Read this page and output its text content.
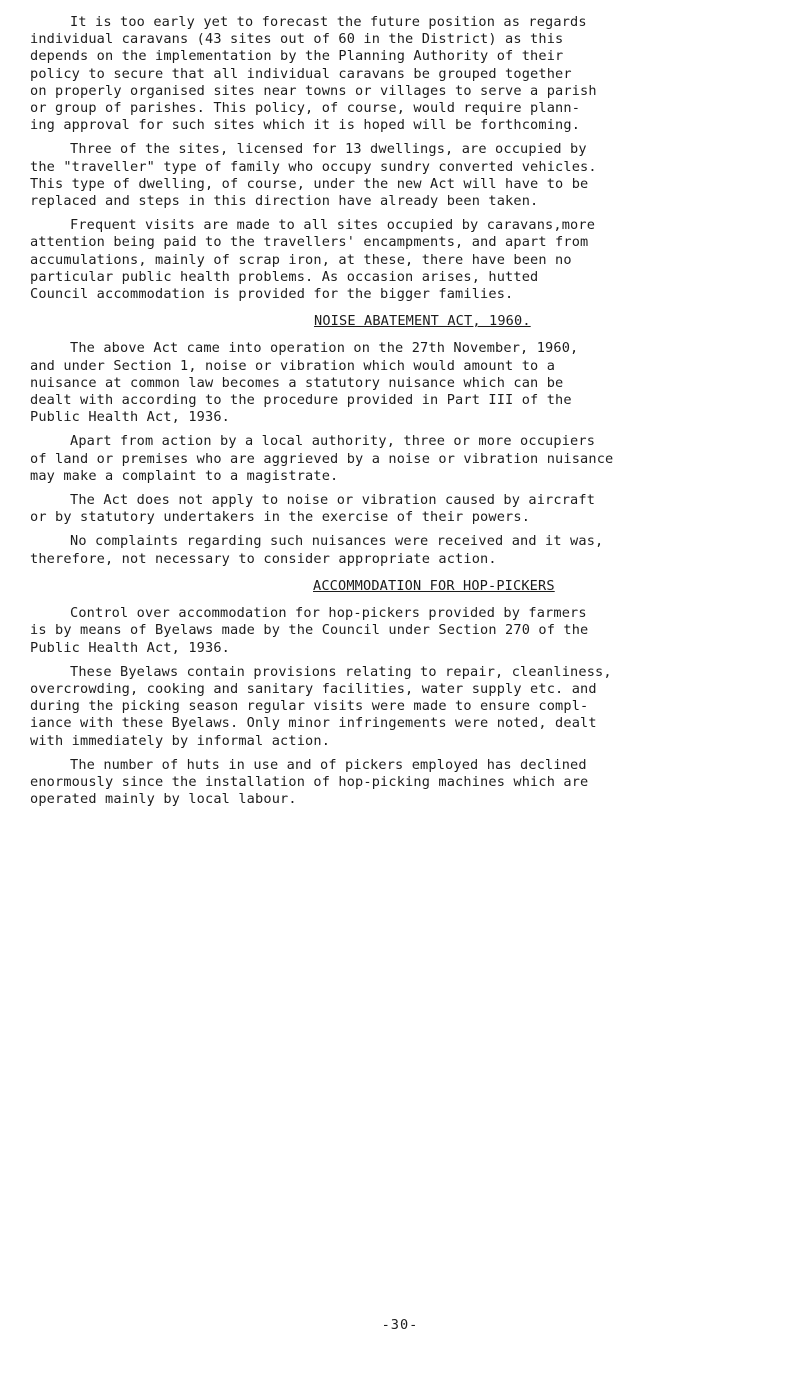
It is too early yet to forecast the future position as regards
individual caravans (43 sites out of 60 in the District) as this
depends on the implementation by the Planning Authority of their
policy to secure that all individual caravans be grouped together
on properly organised sites near towns or villages to serve a parish
or group of parishes. This policy, of course, would require plann-
ing approval for such sites which it is hoped will be forthcoming.

Three of the sites, licensed for 13 dwellings, are occupied by
the "traveller" type of family who occupy sundry converted vehicles.
This type of dwelling, of course, under the new Act will have to be
replaced and steps in this direction have already been taken.

Frequent visits are made to all sites occupied by caravans,more
attention being paid to the travellers' encampments, and apart from
accumulations, mainly of scrap iron, at these, there have been no
particular public health problems. As occasion arises, hutted
Council accommodation is provided for the bigger families.

NOISE ABATEMENT ACT, 1960.

The above Act came into operation on the 27th November, 1960,
and under Section 1, noise or vibration which would amount to a
nuisance at common law becomes a statutory nuisance which can be
dealt with according to the procedure provided in Part III of the
Public Health Act, 1936.

Apart from action by a local authority, three or more occupiers
of land or premises who are aggrieved by a noise or vibration nuisance
may make a complaint to a magistrate.

The Act does not apply to noise or vibration caused by aircraft
or by statutory undertakers in the exercise of their powers.

No complaints regarding such nuisances were received and it was,
therefore, not necessary to consider appropriate action.

ACCOMMODATION FOR HOP-PICKERS

Control over accommodation for hop-pickers provided by farmers
is by means of Byelaws made by the Council under Section 270 of the
Public Health Act, 1936.

These Byelaws contain provisions relating to repair, cleanliness,
overcrowding, cooking and sanitary facilities, water supply etc. and
during the picking season regular visits were made to ensure compl-
iance with these Byelaws. Only minor infringements were noted, dealt
with immediately by informal action.

The number of huts in use and of pickers employed has declined
enormously since the installation of hop-picking machines which are
operated mainly by local labour.

-30-
